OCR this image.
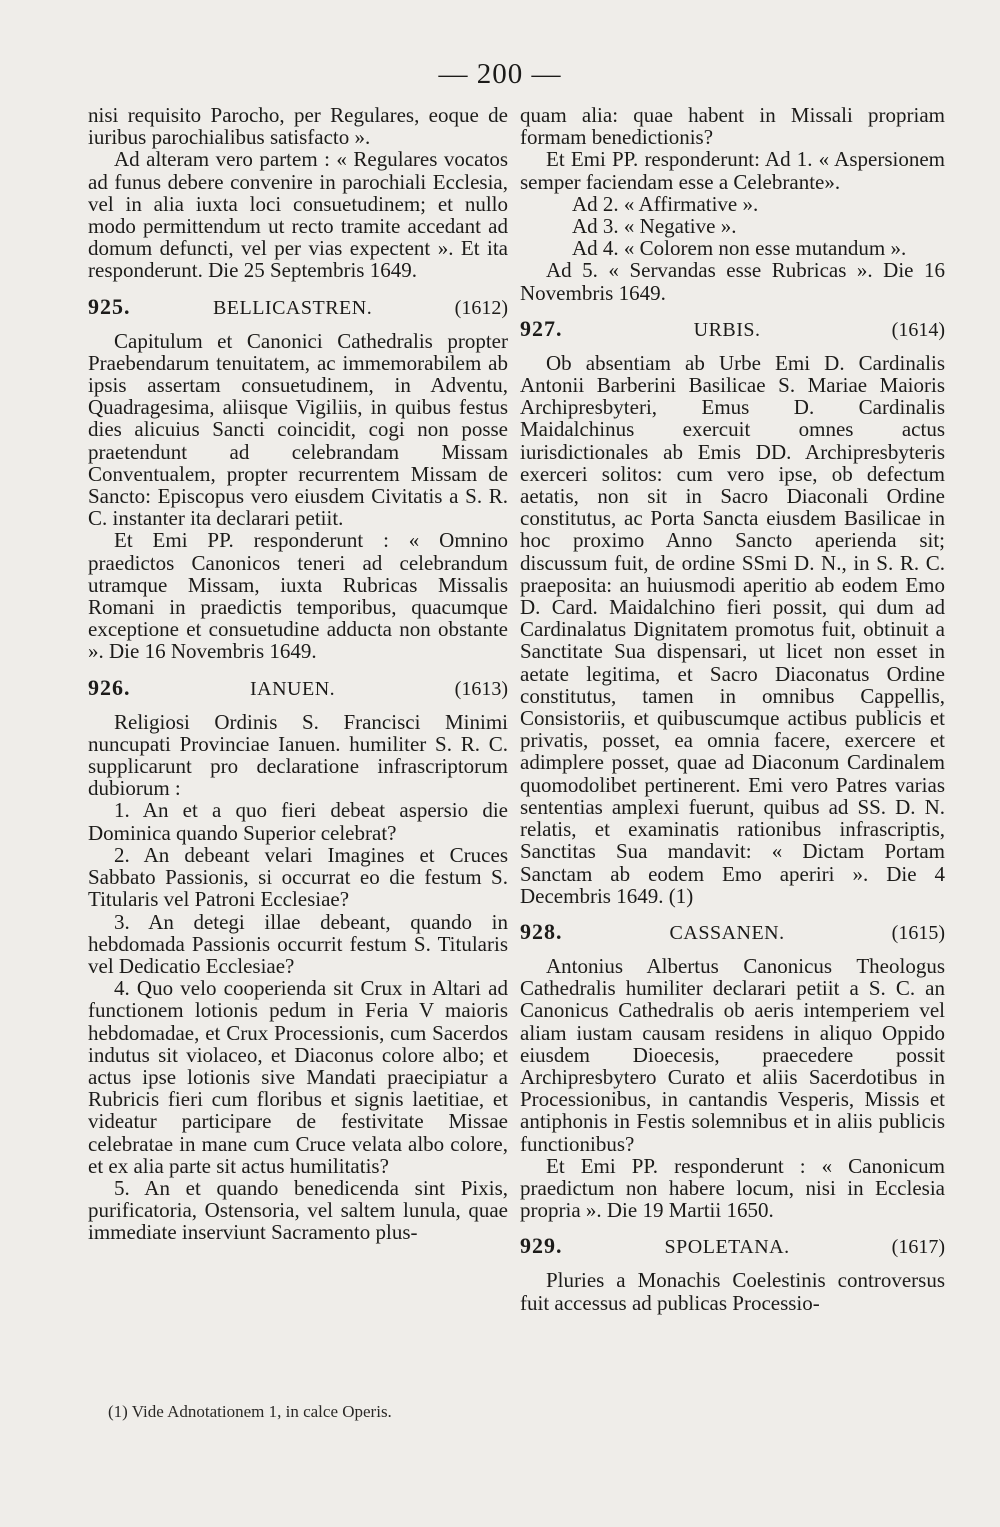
— 200 —

nisi requisito Parocho, per Regulares, eoque de iuribus parochialibus satisfacto ».

Ad alteram vero partem : « Regulares vocatos ad funus debere convenire in parochiali Ecclesia, vel in alia iuxta loci consuetudinem; et nullo modo permittendum ut recto tramite accedant ad domum defuncti, vel per vias expectent ». Et ita responderunt. Die 25 Septembris 1649.

925.	BELLICASTREN.	(1612)

Capitulum et Canonici Cathedralis propter Praebendarum tenuitatem, ac immemorabilem ab ipsis assertam consuetudinem, in Adventu, Quadragesima, aliisque Vigiliis, in quibus festus dies alicuius Sancti coincidit, cogi non posse praetendunt ad celebrandam Missam Conventualem, propter recurrentem Missam de Sancto: Episcopus vero eiusdem Civitatis a S. R. C. instanter ita declarari petiit.

Et Emi PP. responderunt : « Omnino praedictos Canonicos teneri ad celebrandum utramque Missam, iuxta Rubricas Missalis Romani in praedictis temporibus, quacumque exceptione et consuetudine adducta non obstante ». Die 16 Novembris 1649.

926.	IANUEN.	(1613)

Religiosi Ordinis S. Francisci Minimi nuncupati Provinciae Ianuen. humiliter S. R. C. supplicarunt pro declaratione infrascriptorum dubiorum :

1. An et a quo fieri debeat aspersio die Dominica quando Superior celebrat?

2. An debeant velari Imagines et Cruces Sabbato Passionis, si occurrat eo die festum S. Titularis vel Patroni Ecclesiae?

3. An detegi illae debeant, quando in hebdomada Passionis occurrit festum S. Titularis vel Dedicatio Ecclesiae?

4. Quo velo cooperienda sit Crux in Altari ad functionem lotionis pedum in Feria V maioris hebdomadae, et Crux Processionis, cum Sacerdos indutus sit violaceo, et Diaconus colore albo; et actus ipse lotionis sive Mandati praecipiatur a Rubricis fieri cum floribus et signis laetitiae, et videatur participare de festivitate Missae celebratae in mane cum Cruce velata albo colore, et ex alia parte sit actus humilitatis?

5. An et quando benedicenda sint Pixis, purificatoria, Ostensoria, vel saltem lunula, quae immediate inserviunt Sacramento plus-

(1) Vide Adnotationem 1, in calce Operis.

quam alia: quae habent in Missali propriam formam benedictionis?

Et Emi PP. responderunt: Ad 1. « Aspersionem semper faciendam esse a Celebrante».

Ad 2. « Affirmative ».

Ad 3. « Negative ».

Ad 4. « Colorem non esse mutandum ».

Ad 5. « Servandas esse Rubricas ». Die 16 Novembris 1649.

927.	URBIS.	(1614)

Ob absentiam ab Urbe Emi D. Cardinalis Antonii Barberini Basilicae S. Mariae Maioris Archipresbyteri, Emus D. Cardinalis Maidalchinus exercuit omnes actus iurisdictionales ab Emis DD. Archipresbyteris exerceri solitos: cum vero ipse, ob defectum aetatis, non sit in Sacro Diaconali Ordine constitutus, ac Porta Sancta eiusdem Basilicae in hoc proximo Anno Sancto aperienda sit; discussum fuit, de ordine SSmi D. N., in S. R. C. praeposita: an huiusmodi aperitio ab eodem Emo D. Card. Maidalchino fieri possit, qui dum ad Cardinalatus Dignitatem promotus fuit, obtinuit a Sanctitate Sua dispensari, ut licet non esset in aetate legitima, et Sacro Diaconatus Ordine constitutus, tamen in omnibus Cappellis, Consistoriis, et quibuscumque actibus publicis et privatis, posset, ea omnia facere, exercere et adimplere posset, quae ad Diaconum Cardinalem quomodolibet pertinerent. Emi vero Patres varias sententias amplexi fuerunt, quibus ad SS. D. N. relatis, et examinatis rationibus infrascriptis, Sanctitas Sua mandavit: « Dictam Portam Sanctam ab eodem Emo aperiri ». Die 4 Decembris 1649. (1)

928.	CASSANEN.	(1615)

Antonius Albertus Canonicus Theologus Cathedralis humiliter declarari petiit a S. C. an Canonicus Cathedralis ob aeris intemperiem vel aliam iustam causam residens in aliquo Oppido eiusdem Dioecesis, praecedere possit Archipresbytero Curato et aliis Sacerdotibus in Processionibus, in cantandis Vesperis, Missis et antiphonis in Festis solemnibus et in aliis publicis functionibus?

Et Emi PP. responderunt : « Canonicum praedictum non habere locum, nisi in Ecclesia propria ». Die 19 Martii 1650.

929.	SPOLETANA.	(1617)

Pluries a Monachis Coelestinis controversus fuit accessus ad publicas Processio-
